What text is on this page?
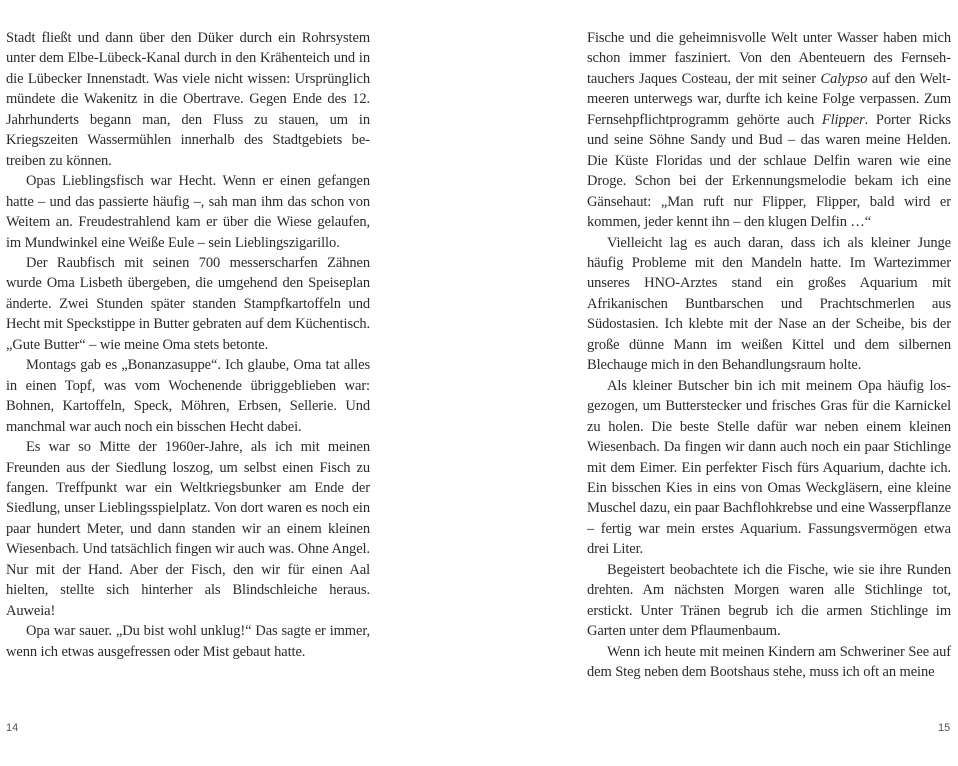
Stadt fließt und dann über den Düker durch ein Rohrsystem unter dem Elbe-Lübeck-Kanal durch in den Krähenteich und in die Lübecker Innenstadt. Was viele nicht wissen: Ursprünglich mündete die Wakenitz in die Obertrave. Gegen Ende des 12. Jahrhunderts begann man, den Fluss zu stauen, um in Kriegszeiten Wassermühlen innerhalb des Stadtgebiets betreiben zu können.

Opas Lieblingsfisch war Hecht. Wenn er einen gefangen hatte – und das passierte häufig –, sah man ihm das schon von Weitem an. Freudestrahlend kam er über die Wiese gelaufen, im Mundwinkel eine Weiße Eule – sein Lieblingszigarillo.

Der Raubfisch mit seinen 700 messerscharfen Zähnen wurde Oma Lisbeth übergeben, die umgehend den Speiseplan änderte. Zwei Stunden später standen Stampfkartoffeln und Hecht mit Speckstippe in Butter gebraten auf dem Küchentisch. „Gute Butter“ – wie meine Oma stets betonte.

Montags gab es „Bonanzasuppe“. Ich glaube, Oma tat alles in einen Topf, was vom Wochenende übriggeblieben war: Bohnen, Kartoffeln, Speck, Möhren, Erbsen, Sellerie. Und manchmal war auch noch ein bisschen Hecht dabei.

Es war so Mitte der 1960er-Jahre, als ich mit meinen Freunden aus der Siedlung loszog, um selbst einen Fisch zu fangen. Treffpunkt war ein Weltkriegsbunker am Ende der Siedlung, unser Lieblingsspielplatz. Von dort waren es noch ein paar hundert Meter, und dann standen wir an einem kleinen Wiesenbach. Und tatsächlich fingen wir auch was. Ohne Angel. Nur mit der Hand. Aber der Fisch, den wir für einen Aal hielten, stellte sich hinterher als Blindschleiche heraus. Auweia!

Opa war sauer. „Du bist wohl unklug!“ Das sagte er immer, wenn ich etwas ausgefressen oder Mist gebaut hatte.

Fische und die geheimnisvolle Welt unter Wasser haben mich schon immer fasziniert. Von den Abenteuern des Fernsehtauchers Jaques Costeau, der mit seiner Calypso auf den Weltmeeren unterwegs war, durfte ich keine Folge verpassen. Zum Fernsehpflichtprogramm gehörte auch Flipper. Porter Ricks und seine Söhne Sandy und Bud – das waren meine Helden. Die Küste Floridas und der schlaue Delfin waren wie eine Droge. Schon bei der Erkennungsmelodie bekam ich eine Gänsehaut: „Man ruft nur Flipper, Flipper, bald wird er kommen, jeder kennt ihn – den klugen Delfin …“

Vielleicht lag es auch daran, dass ich als kleiner Junge häufig Probleme mit den Mandeln hatte. Im Wartezimmer unseres HNO-Arztes stand ein großes Aquarium mit Afrikanischen Buntbarschen und Prachtschmerlen aus Südostasien. Ich klebte mit der Nase an der Scheibe, bis der große dünne Mann im weißen Kittel und dem silbernen Blechauge mich in den Behandlungsraum holte.

Als kleiner Butscher bin ich mit meinem Opa häufig losgezogen, um Butterstecker und frisches Gras für die Karnickel zu holen. Die beste Stelle dafür war neben einem kleinen Wiesenbach. Da fingen wir dann auch noch ein paar Stichlinge mit dem Eimer. Ein perfekter Fisch fürs Aquarium, dachte ich. Ein bisschen Kies in eins von Omas Weckgläsern, eine kleine Muschel dazu, ein paar Bachflohkrebse und eine Wasserpflanze – fertig war mein erstes Aquarium. Fassungsvermögen etwa drei Liter.

Begeistert beobachtete ich die Fische, wie sie ihre Runden drehten. Am nächsten Morgen waren alle Stichlinge tot, erstickt. Unter Tränen begrub ich die armen Stichlinge im Garten unter dem Pflaumenbaum.

Wenn ich heute mit meinen Kindern am Schweriner See auf dem Steg neben dem Bootshaus stehe, muss ich oft an meine

14	15
